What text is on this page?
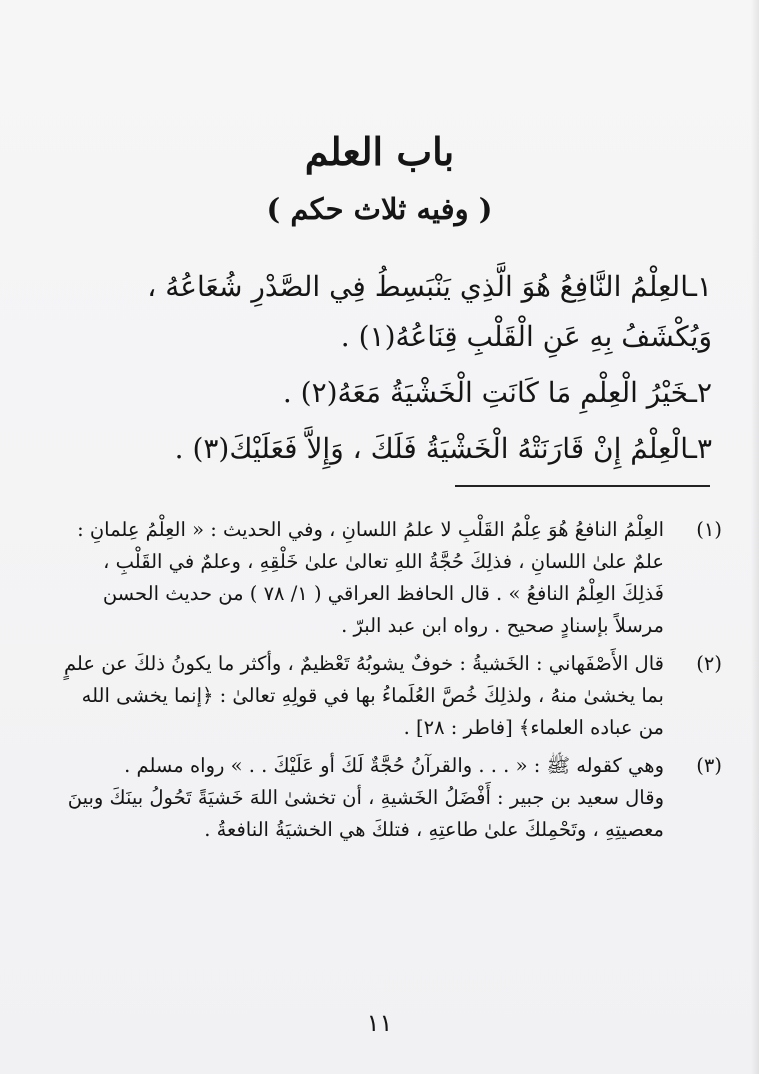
باب العلم
( وفيه ثلاث حكم )

١ـالعِلْمُ النَّافِعُ هُوَ الَّذِي يَنْبَسِطُ فِي الصَّدْرِ شُعَاعُهُ ، وَيُكْشَفُ بِهِ عَنِ الْقَلْبِ قِنَاعُهُ(١) .

٢ـخَيْرُ الْعِلْمِ مَا كَانَتِ الْخَشْيَةُ مَعَهُ(٢) .

٣ـالْعِلْمُ إِنْ قَارَنَتْهُ الْخَشْيَةُ فَلَكَ ، وَإِلاَّ فَعَلَيْكَ(٣) .

(١)

العِلْمُ النافعُ هُوَ عِلْمُ القَلْبِ لا علمُ اللسانِ ، وفي الحديث : « العِلْمُ عِلمانِ : علمٌ علىٰ اللسانِ ، فذلِكَ حُجَّةُ اللهِ تعالىٰ علىٰ خَلْقِهِ ، وعلمٌ في القَلْبِ ، فَذلِكَ العِلْمُ النافعُ » . قال الحافظ العراقي ( ١/ ٧٨ ) من حديث الحسن مرسلاً بإسنادٍ صحيح . رواه ابن عبد البرّ .

(٢)

قال الأَصْفَهاني : الخَشيةُ : خوفٌ يشوبُهُ تَعْظيمٌ ، وأكثر ما يكونُ ذلكَ عن علمٍ بما يخشىٰ منهُ ، ولذلِكَ خُصَّ العُلَماءُ بها في قولِهِ تعالىٰ : ﴿إنما يخشى الله من عباده العلماء﴾ [فاطر : ٢٨] .

(٣)

وهي كقوله ﷺ : « . . . والقرآنُ حُجَّةٌ لَكَ أو عَلَيْكَ . . » رواه مسلم .

وقال سعيد بن جبير : أَفْضَلُ الخَشيةِ ، أن تخشىٰ اللهَ خَشيَةً تَحُولُ بينَكَ وبينَ معصيتِهِ ، وتَحْمِلكَ علىٰ طاعتِهِ ، فتلكَ هي الخشيَةُ النافعةُ .

١١
